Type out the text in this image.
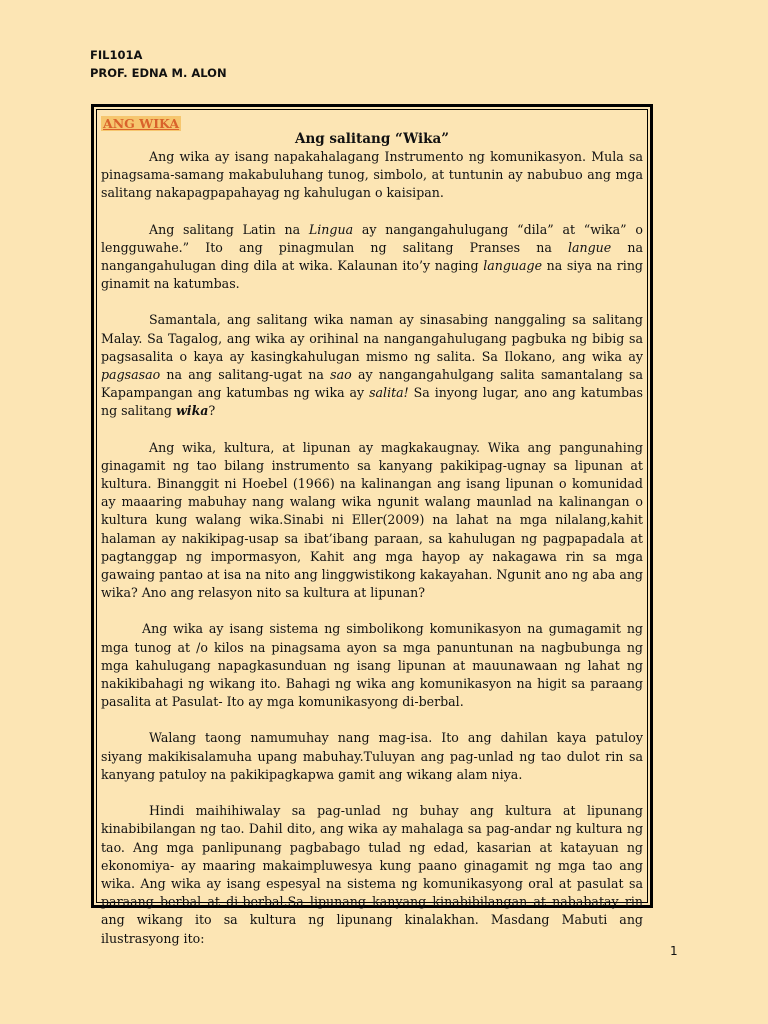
FIL101A
PROF. EDNA M. ALON
ANG WIKA
Ang salitang “Wika”

Ang wika ay isang napakahalagang Instrumento ng komunikasyon. Mula sa pinagsama-samang makabuluhang tunog, simbolo, at tuntunin ay nabubuo ang mga salitang nakapagpapahayag ng kahulugan o kaisipan.

Ang salitang Latin na Lingua ay nangangahulugang “dila” at “wika” o lengguwahe.” Ito ang pinagmulan ng salitang Pranses na langue na nangangahulugan ding dila at wika. Kalaunan ito’y naging language na siya na ring ginamit na katumbas.

Samantala, ang salitang wika naman ay sinasabing nanggaling sa salitang Malay. Sa Tagalog, ang wika ay orihinal na nangangahulugang pagbuka ng bibig sa pagsasalita o kaya ay kasingkahulugan mismo ng salita. Sa Ilokano, ang wika ay pagsasao na ang salitang-ugat na sao ay nangangahulgang salita samantalang sa Kapampangan ang katumbas ng wika ay salita! Sa inyong lugar, ano ang katumbas ng salitang wika?

Ang wika, kultura, at lipunan ay magkakaugnay. Wika ang pangunahing ginagamit ng tao bilang instrumento sa kanyang pakikipag-ugnay sa lipunan at kultura. Binanggit ni Hoebel (1966) na kalinangan ang isang lipunan o komunidad ay maaaring mabuhay nang walang wika ngunit walang maunlad na kalinangan o kultura kung walang wika.Sinabi ni Eller(2009) na lahat na mga nilalang,kahit halaman ay nakikipag-usap sa ibat’ibang paraan, sa kahulugan ng pagpapadala at pagtanggap ng impormasyon, Kahit ang mga hayop ay nakagawa rin sa mga gawaing pantao at isa na nito ang linggwistikong kakayahan. Ngunit ano ng aba ang wika? Ano ang relasyon nito sa kultura at lipunan?

Ang wika ay isang sistema ng simbolikong komunikasyon na gumagamit ng mga tunog at /o kilos na pinagsama ayon sa mga panuntunan na nagbubunga ng mga kahulugang napagkasunduan ng isang lipunan at mauunawaan ng lahat ng nakikibahagi ng wikang ito. Bahagi ng wika ang komunikasyon na higit sa paraang pasalita at Pasulat- Ito ay mga komunikasyong di-berbal.

Walang taong namumuhay nang mag-isa. Ito ang dahilan kaya patuloy siyang makikisalamuha upang mabuhay.Tuluyan ang pag-unlad ng tao dulot rin sa kanyang patuloy na pakikipagkapwa gamit ang wikang alam niya.

Hindi maihihiwalay sa pag-unlad ng buhay ang kultura at lipunang kinabibilangan ng tao. Dahil dito, ang wika ay mahalaga sa pag-andar ng kultura ng tao. Ang mga panlipunang pagbabago tulad ng edad, kasarian at katayuan ng ekonomiya- ay maaring makaimpluwesya kung paano ginagamit ng mga tao ang wika. Ang wika ay isang espesyal na sistema ng komunikasyong oral at pasulat sa paraang berbal at di-berbal.Sa lipunang kanyang kinabibilangan at nababatay rin ang wikang ito sa kultura ng lipunang kinalakhan. Masdang Mabuti ang ilustrasyong ito:

1
